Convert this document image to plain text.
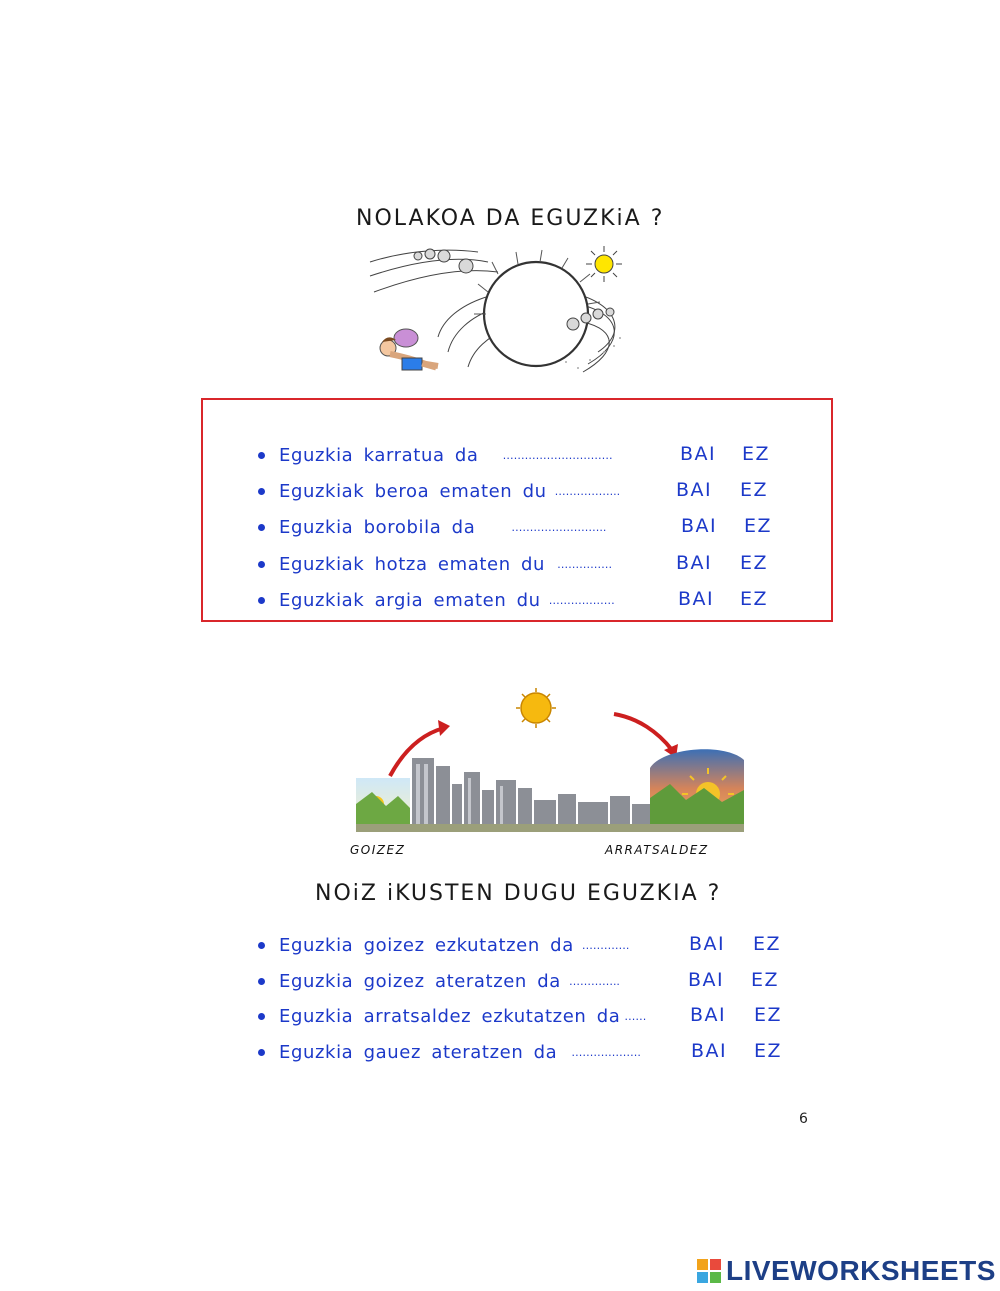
NOLAKOA DA EGUZKiA ?
Eguzkia karratua da …………………………	BAI EZ
Eguzkiak beroa ematen du ……………...	BAI EZ
Eguzkia borobila da	……………………..	BAI EZ
Eguzkiak hotza ematen du ……………	BAI EZ
Eguzkiak argia ematen du ………………	BAI EZ
GOIZEZ	ARRATSALDEZ
NOiZ iKUSTEN DUGU EGUZKIA ?
Eguzkia goizez ezkutatzen da ………….	BAI EZ
Eguzkia goizez ateratzen da …………..	BAI EZ
Eguzkia arratsaldez ezkutatzen da …… BAI EZ
Eguzkia gauez ateratzen da ……………….	BAI EZ
6
LIVEWORKSHEETS
